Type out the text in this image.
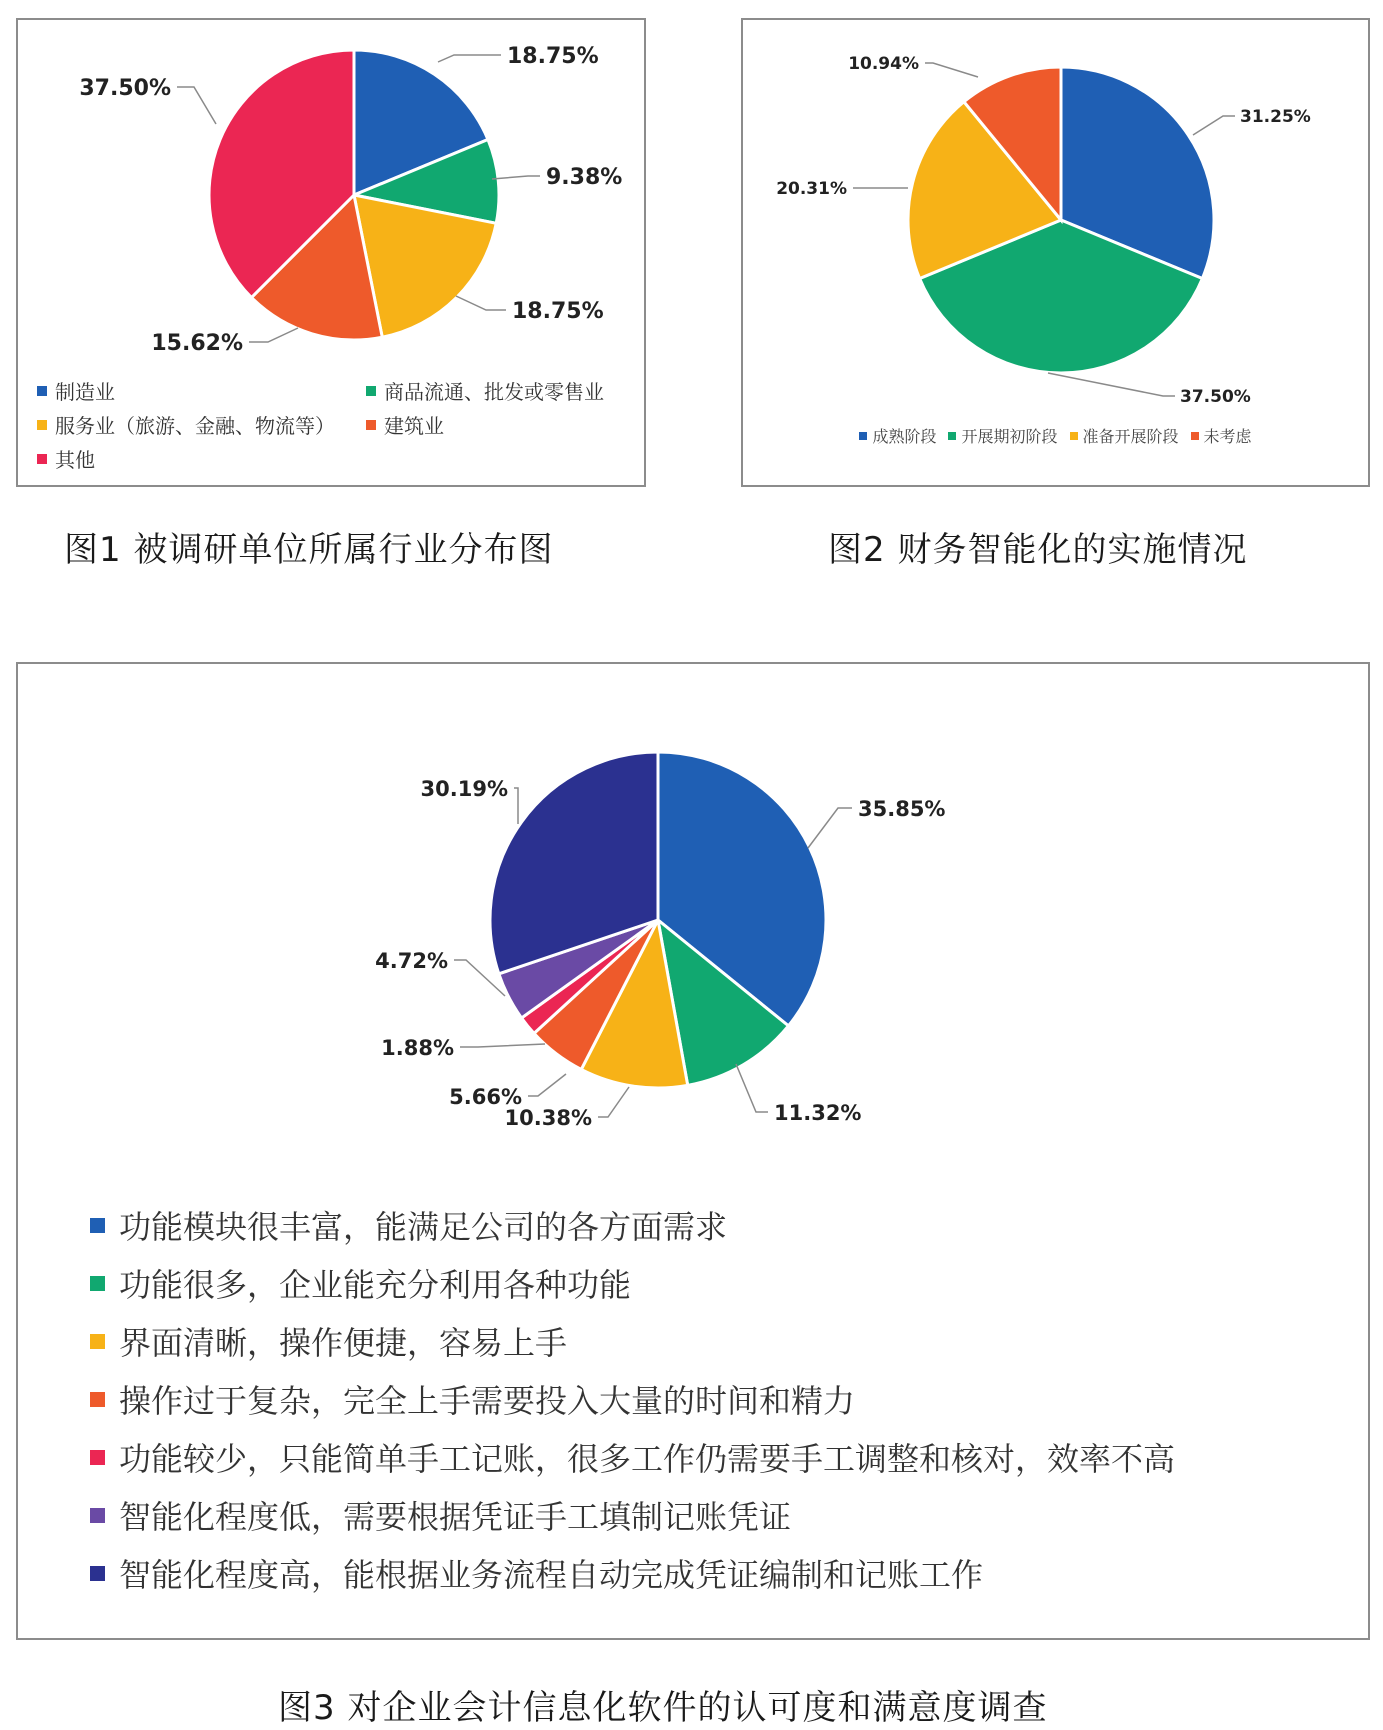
18.75%
9.38%
18.75%
15.62%
37.50%
制造业	商品流通、批发或零售业
服务业（旅游、金融、物流等） 建筑业
其他
图1 被调研单位所属行业分布图
31.25%
37.50%
20.31%
10.94%
成熟阶段 开展期初阶段 准备开展阶段 未考虑
图2 财务智能化的实施情况
35.85%
11.32%
10.38%
5.66%
1.88%
4.72%
30.19%
功能模块很丰富，能满足公司的各方面需求
功能很多，企业能充分利用各种功能
界面清晰，操作便捷，容易上手
操作过于复杂，完全上手需要投入大量的时间和精力
功能较少，只能简单手工记账，很多工作仍需要手工调整和核对，效率不高
智能化程度低，需要根据凭证手工填制记账凭证
智能化程度高，能根据业务流程自动完成凭证编制和记账工作
图3 对企业会计信息化软件的认可度和满意度调查
